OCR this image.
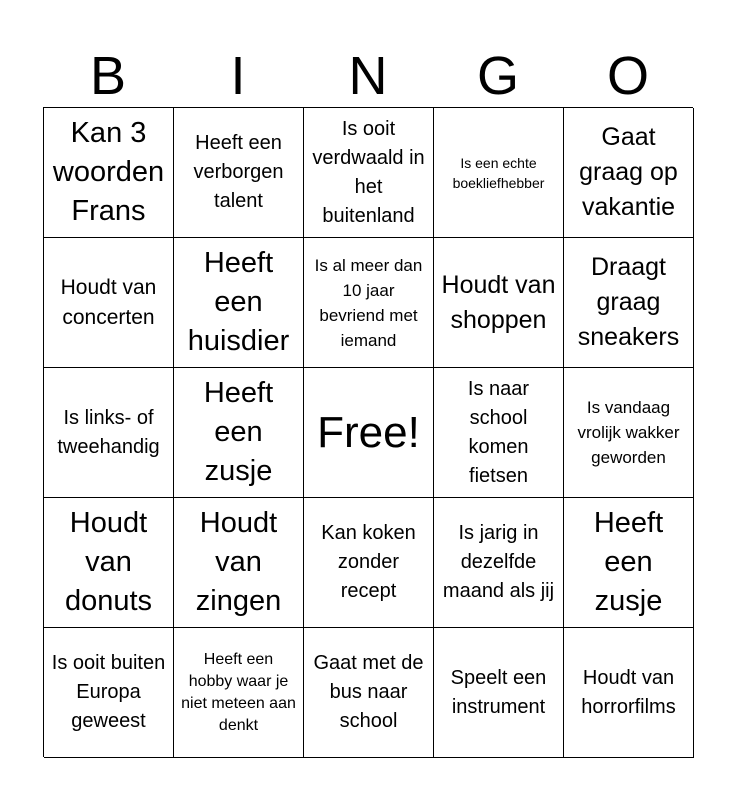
B	I	N	G	O
Kan 3 woorden Frans
Heeft een verborgen talent
Is ooit verdwaald in het buitenland
Is een echte boekliefhebber
Gaat graag op vakantie
Houdt van concerten
Heeft een huisdier
Is al meer dan 10 jaar bevriend met iemand
Houdt van shoppen
Draagt graag sneakers
Is links- of tweehandig
Heeft een zusje
Free!
Is naar school komen fietsen
Is vandaag vrolijk wakker geworden
Houdt van donuts
Houdt van zingen
Kan koken zonder recept
Is jarig in dezelfde maand als jij
Heeft een zusje
Is ooit buiten Europa geweest
Heeft een hobby waar je niet meteen aan denkt
Gaat met de bus naar school
Speelt een instrument
Houdt van horrorfilms
